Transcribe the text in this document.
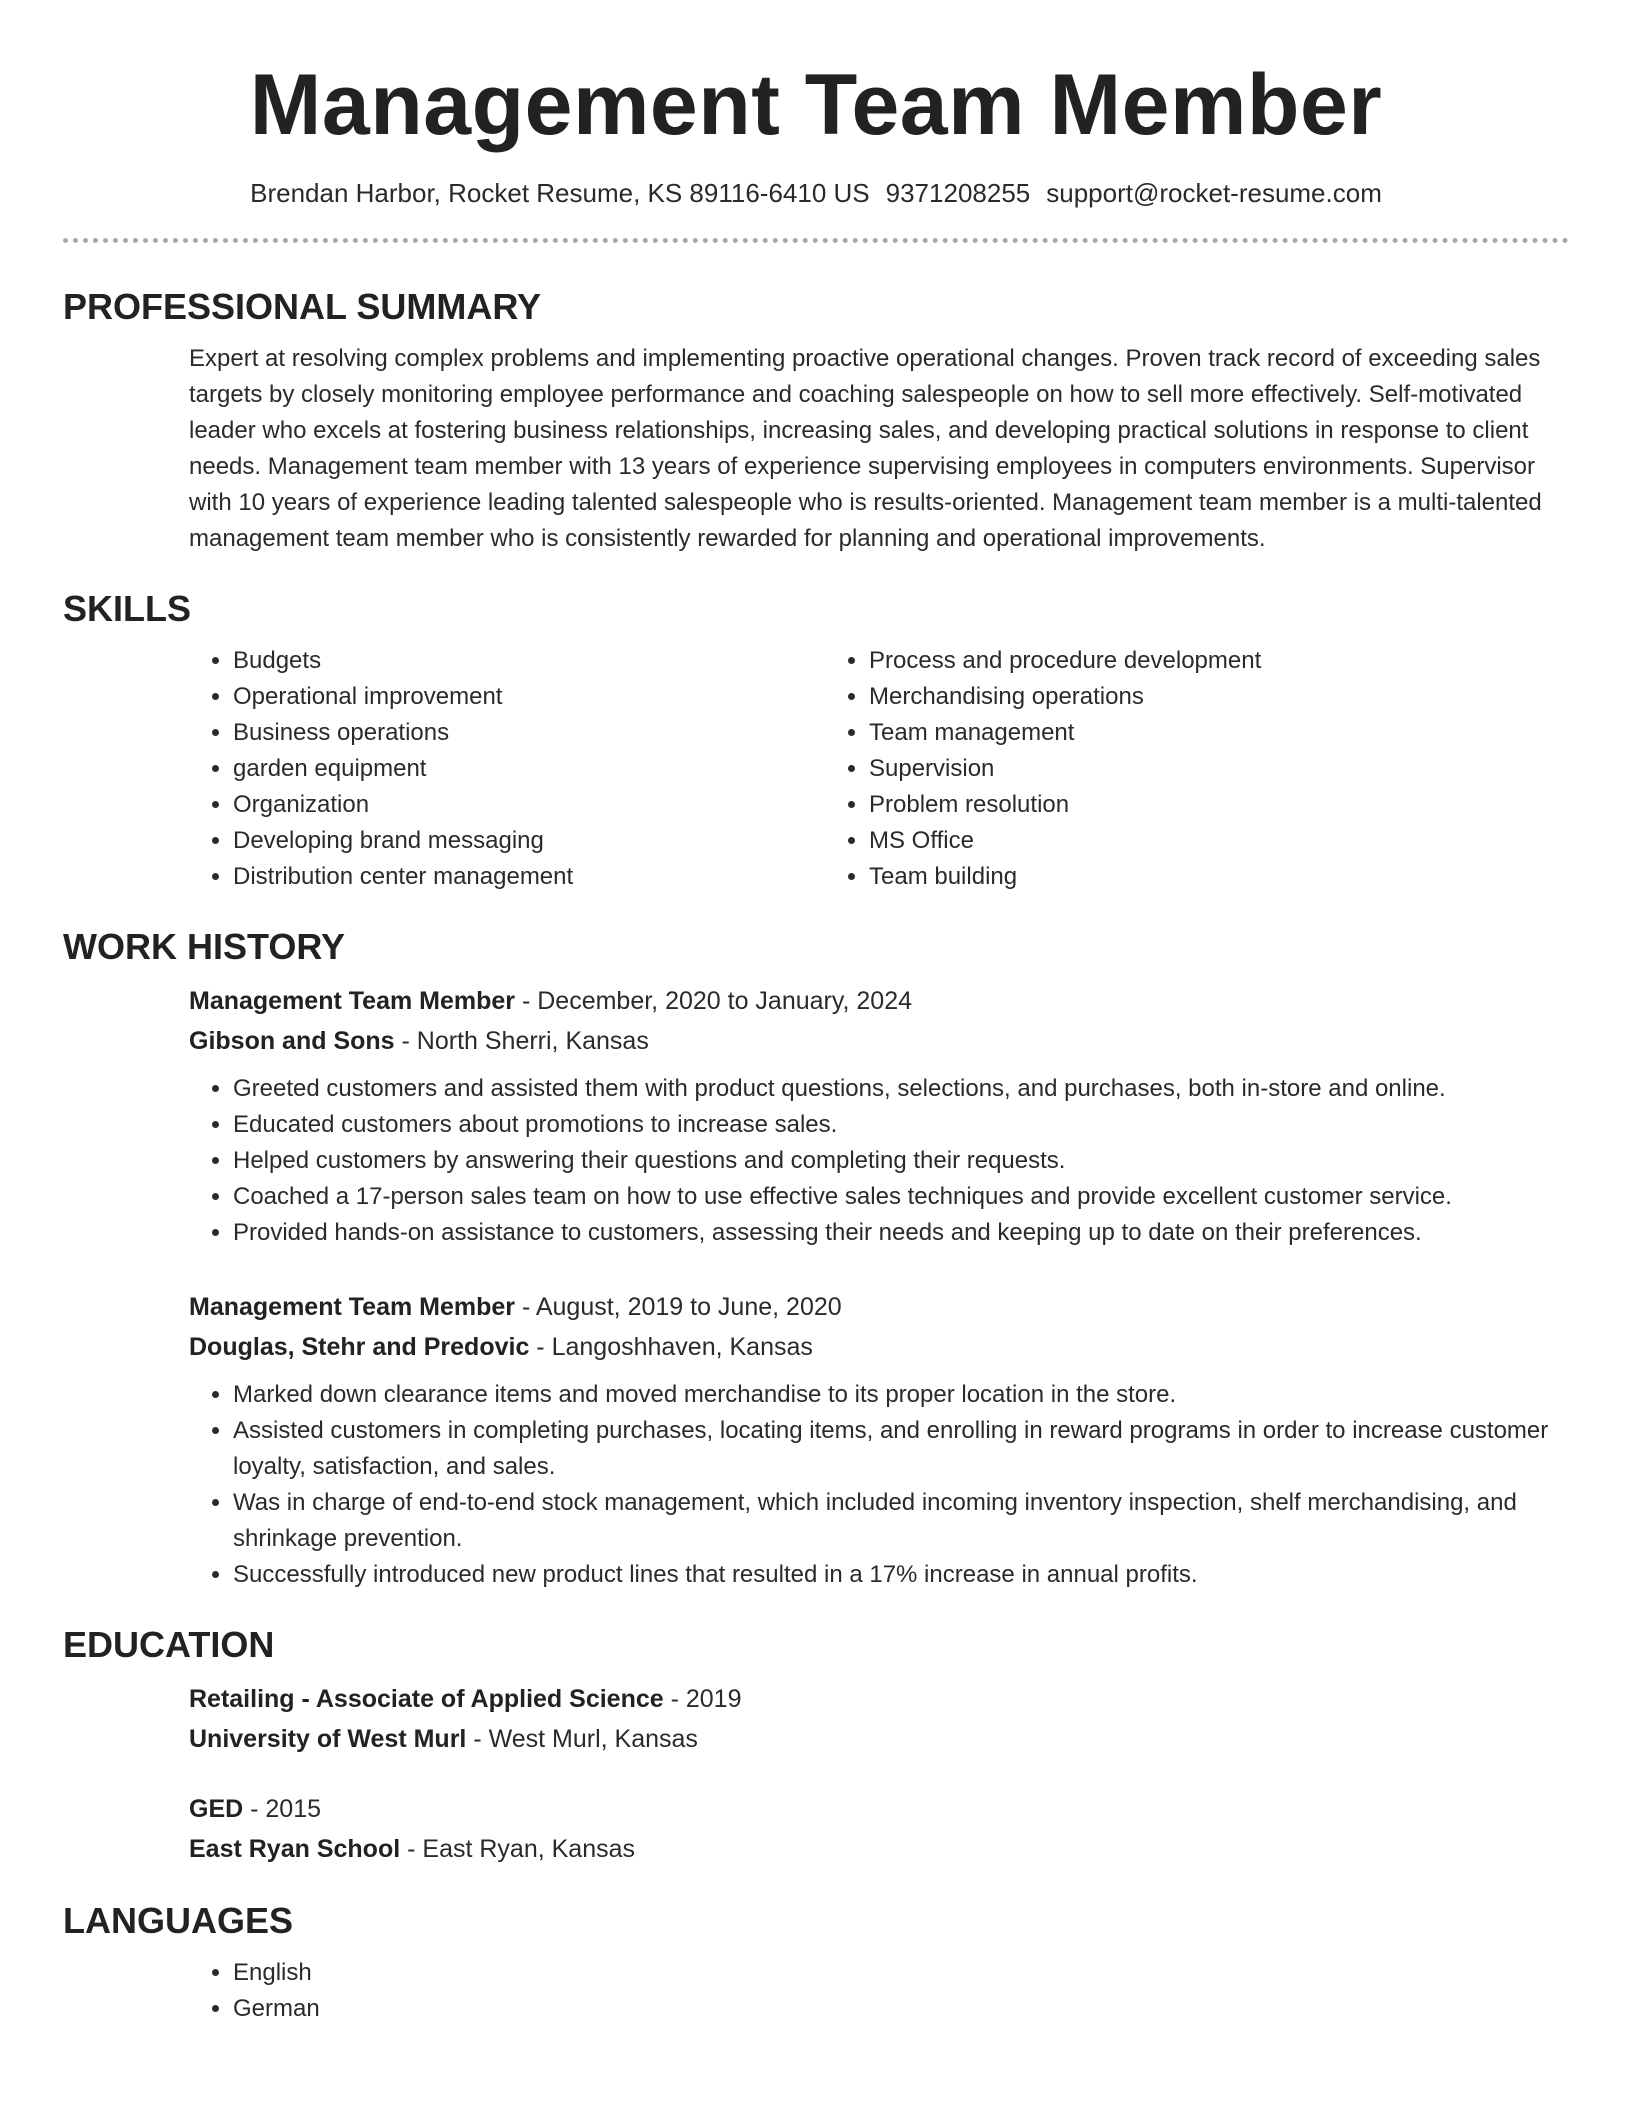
Management Team Member
Brendan Harbor, Rocket Resume, KS 89116-6410 US 9371208255 support@rocket-resume.com
PROFESSIONAL SUMMARY

Expert at resolving complex problems and implementing proactive operational changes. Proven track record of exceeding sales targets by closely monitoring employee performance and coaching salespeople on how to sell more effectively. Self-motivated leader who excels at fostering business relationships, increasing sales, and developing practical solutions in response to client needs. Management team member with 13 years of experience supervising employees in computers environments. Supervisor with 10 years of experience leading talented salespeople who is results-oriented. Management team member is a multi-talented management team member who is consistently rewarded for planning and operational improvements.

SKILLS
• Budgets
• Operational improvement
• Business operations
• garden equipment
• Organization
• Developing brand messaging
• Distribution center management
• Process and procedure development
• Merchandising operations
• Team management
• Supervision
• Problem resolution
• MS Office
• Team building
WORK HISTORY
Management Team Member - December, 2020 to January, 2024
Gibson and Sons - North Sherri, Kansas
• Greeted customers and assisted them with product questions, selections, and purchases, both in-store and online.
• Educated customers about promotions to increase sales.
• Helped customers by answering their questions and completing their requests.
• Coached a 17-person sales team on how to use effective sales techniques and provide excellent customer service.
• Provided hands-on assistance to customers, assessing their needs and keeping up to date on their preferences.
Management Team Member - August, 2019 to June, 2020
Douglas, Stehr and Predovic - Langoshhaven, Kansas
• Marked down clearance items and moved merchandise to its proper location in the store.
• Assisted customers in completing purchases, locating items, and enrolling in reward programs in order to increase customer loyalty, satisfaction, and sales.
• Was in charge of end-to-end stock management, which included incoming inventory inspection, shelf merchandising, and shrinkage prevention.
• Successfully introduced new product lines that resulted in a 17% increase in annual profits.
EDUCATION
Retailing - Associate of Applied Science - 2019
University of West Murl - West Murl, Kansas
GED - 2015
East Ryan School - East Ryan, Kansas
LANGUAGES
• English
• German
